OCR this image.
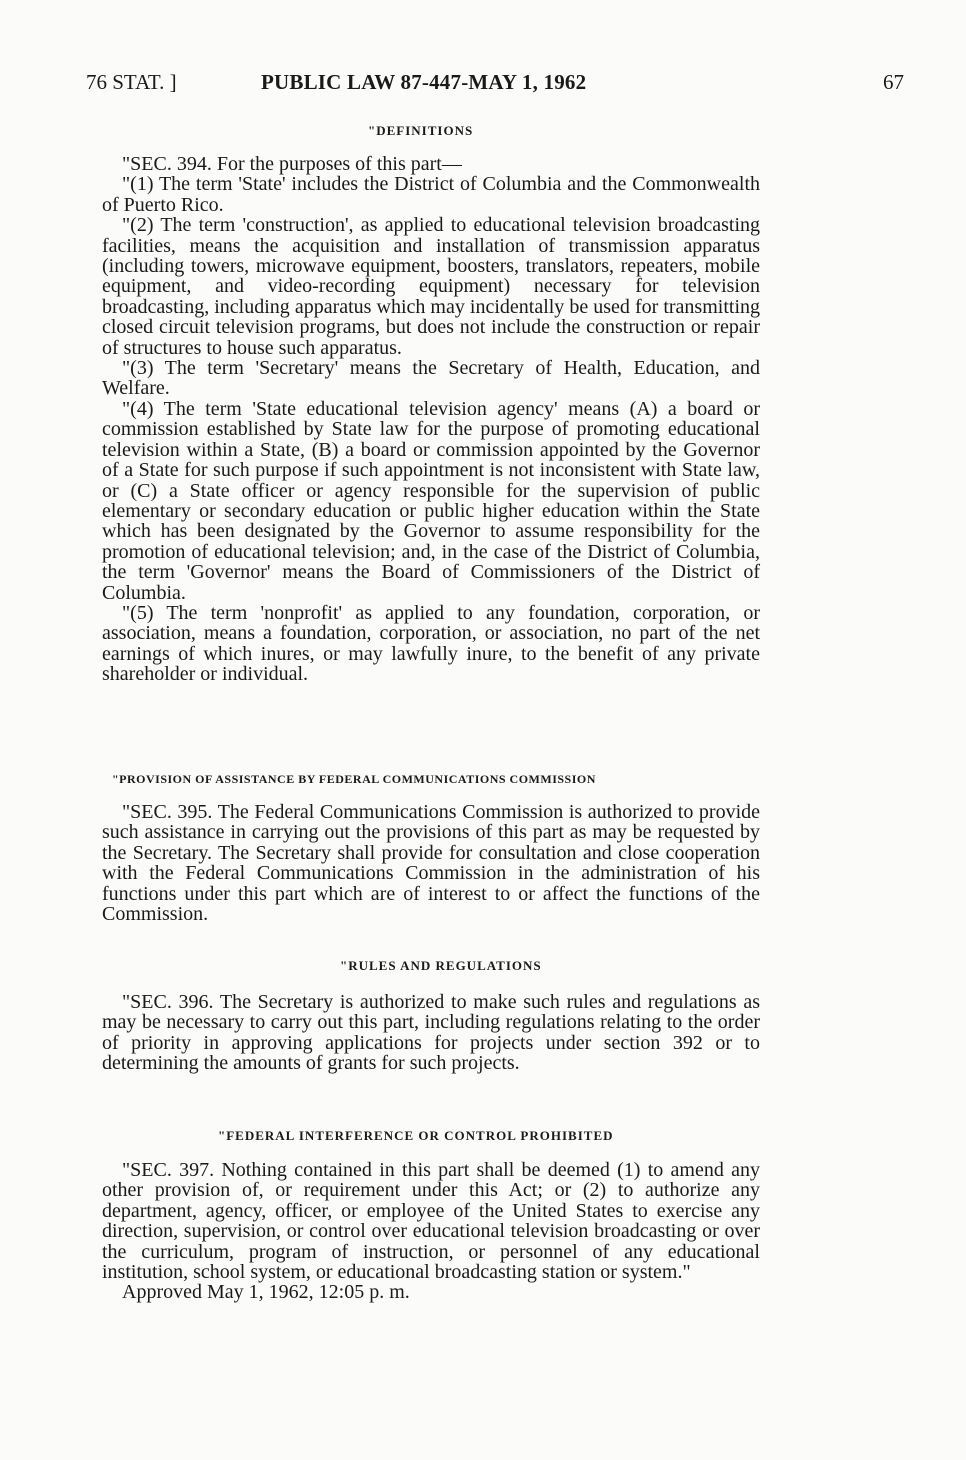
76 STAT. ]	PUBLIC LAW 87-447-MAY 1, 1962	67
"DEFINITIONS

"SEC. 394. For the purposes of this part—

"(1) The term 'State' includes the District of Columbia and the Commonwealth of Puerto Rico.

"(2) The term 'construction', as applied to educational television broadcasting facilities, means the acquisition and installation of transmission apparatus (including towers, microwave equipment, boosters, translators, repeaters, mobile equipment, and video-recording equipment) necessary for television broadcasting, including apparatus which may incidentally be used for transmitting closed circuit television programs, but does not include the construction or repair of structures to house such apparatus.

"(3) The term 'Secretary' means the Secretary of Health, Education, and Welfare.

"(4) The term 'State educational television agency' means (A) a board or commission established by State law for the purpose of promoting educational television within a State, (B) a board or commission appointed by the Governor of a State for such purpose if such appointment is not inconsistent with State law, or (C) a State officer or agency responsible for the supervision of public elementary or secondary education or public higher education within the State which has been designated by the Governor to assume responsibility for the promotion of educational television; and, in the case of the District of Columbia, the term 'Governor' means the Board of Commissioners of the District of Columbia.

"(5) The term 'nonprofit' as applied to any foundation, corporation, or association, means a foundation, corporation, or association, no part of the net earnings of which inures, or may lawfully inure, to the benefit of any private shareholder or individual.

"PROVISION OF ASSISTANCE BY FEDERAL COMMUNICATIONS COMMISSION

"SEC. 395. The Federal Communications Commission is authorized to provide such assistance in carrying out the provisions of this part as may be requested by the Secretary. The Secretary shall provide for consultation and close cooperation with the Federal Communications Commission in the administration of his functions under this part which are of interest to or affect the functions of the Commission.

"RULES AND REGULATIONS

"SEC. 396. The Secretary is authorized to make such rules and regulations as may be necessary to carry out this part, including regulations relating to the order of priority in approving applications for projects under section 392 or to determining the amounts of grants for such projects.

"FEDERAL INTERFERENCE OR CONTROL PROHIBITED

"SEC. 397. Nothing contained in this part shall be deemed (1) to amend any other provision of, or requirement under this Act; or (2) to authorize any department, agency, officer, or employee of the United States to exercise any direction, supervision, or control over educational television broadcasting or over the curriculum, program of instruction, or personnel of any educational institution, school system, or educational broadcasting station or system."

Approved May 1, 1962, 12:05 p. m.
